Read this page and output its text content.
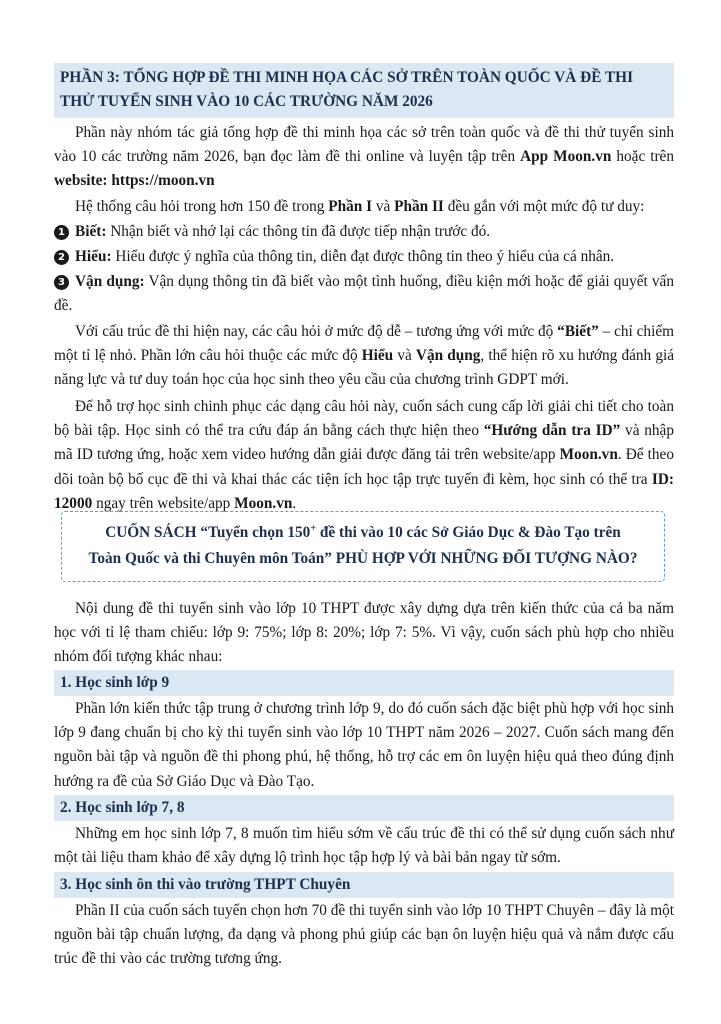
PHẦN 3: TỔNG HỢP ĐỀ THI MINH HỌA CÁC SỞ TRÊN TOÀN QUỐC VÀ ĐỀ THI
THỬ TUYỂN SINH VÀO 10 CÁC TRƯỜNG NĂM 2026

Phần này nhóm tác giả tổng hợp đề thi minh họa các sở trên toàn quốc và đề thi thử tuyển sinh vào 10 các trường năm 2026, bạn đọc làm đề thi online và luyện tập trên App Moon.vn hoặc trên website: https://moon.vn

Hệ thống câu hỏi trong hơn 150 đề trong Phần I và Phần II đều gắn với một mức độ tư duy:

1 Biết: Nhận biết và nhớ lại các thông tin đã được tiếp nhận trước đó.

2 Hiểu: Hiểu được ý nghĩa của thông tin, diễn đạt được thông tin theo ý hiểu của cá nhân.

3 Vận dụng: Vận dụng thông tin đã biết vào một tình huống, điều kiện mới hoặc để giải quyết vấn đề.

Với cấu trúc đề thi hiện nay, các câu hỏi ở mức độ dễ – tương ứng với mức độ “Biết” – chỉ chiếm một tỉ lệ nhỏ. Phần lớn câu hỏi thuộc các mức độ Hiểu và Vận dụng, thể hiện rõ xu hướng đánh giá năng lực và tư duy toán học của học sinh theo yêu cầu của chương trình GDPT mới.

Để hỗ trợ học sinh chinh phục các dạng câu hỏi này, cuốn sách cung cấp lời giải chi tiết cho toàn bộ bài tập. Học sinh có thể tra cứu đáp án bằng cách thực hiện theo “Hướng dẫn tra ID” và nhập mã ID tương ứng, hoặc xem video hướng dẫn giải được đăng tải trên website/app Moon.vn. Để theo dõi toàn bộ bố cục đề thi và khai thác các tiện ích học tập trực tuyến đi kèm, học sinh có thể tra ID: 12000 ngay trên website/app Moon.vn.

CUỐN SÁCH “Tuyển chọn 150+ đề thi vào 10 các Sở Giáo Dục & Đào Tạo trên
Toàn Quốc và thi Chuyên môn Toán” PHÙ HỢP VỚI NHỮNG ĐỐI TƯỢNG NÀO?

Nội dung đề thi tuyển sinh vào lớp 10 THPT được xây dựng dựa trên kiến thức của cả ba năm học với tỉ lệ tham chiếu: lớp 9: 75%; lớp 8: 20%; lớp 7: 5%. Vì vậy, cuốn sách phù hợp cho nhiều nhóm đối tượng khác nhau:

1. Học sinh lớp 9

Phần lớn kiến thức tập trung ở chương trình lớp 9, do đó cuốn sách đặc biệt phù hợp với học sinh lớp 9 đang chuẩn bị cho kỳ thi tuyển sinh vào lớp 10 THPT năm 2026 – 2027. Cuốn sách mang đến nguồn bài tập và nguồn đề thi phong phú, hệ thống, hỗ trợ các em ôn luyện hiệu quả theo đúng định hướng ra đề của Sở Giáo Dục và Đào Tạo.

2. Học sinh lớp 7, 8

Những em học sinh lớp 7, 8 muốn tìm hiểu sớm về cấu trúc đề thi có thể sử dụng cuốn sách như một tài liệu tham khảo để xây dựng lộ trình học tập hợp lý và bài bản ngay từ sớm.

3. Học sinh ôn thi vào trường THPT Chuyên

Phần II của cuốn sách tuyển chọn hơn 70 đề thi tuyển sinh vào lớp 10 THPT Chuyên – đây là một nguồn bài tập chuẩn lượng, đa dạng và phong phú giúp các bạn ôn luyện hiệu quả và nắm được cấu trúc đề thi vào các trường tương ứng.
